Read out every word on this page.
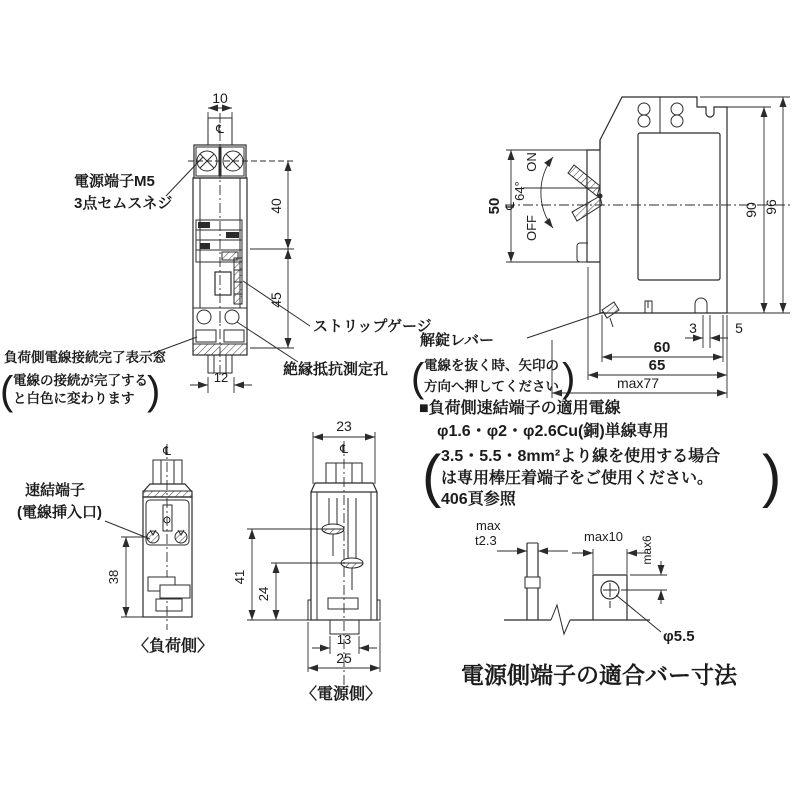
℄
10
40
45
12
電源端子M5
3点セムスネジ
ストリップゲージ
絶縁抵抗測定孔
負荷側電線接続完了表示窓
( 電線の接続が完了する
と白色に変わります )
ON
64°
OFF
℄
50	90 96
3	5
60
65
max77
解錠レバー
( 電線を抜く時、矢印の
方向へ押してください )
■負荷側速結端子の適用電線
φ1.6・φ2・φ2.6Cu(銅)単線専用
( 3.5・5.5・8mm²より線を使用する場合
は専用棒圧着端子をご使用ください。
406頁参照	)
℄
38
速結端子
(電線挿入口)
〈負荷側〉
℄
23
41
24
13
25
〈電源側〉
max
t2.3	max10 max6
φ5.5
電源側端子の適合バー寸法
